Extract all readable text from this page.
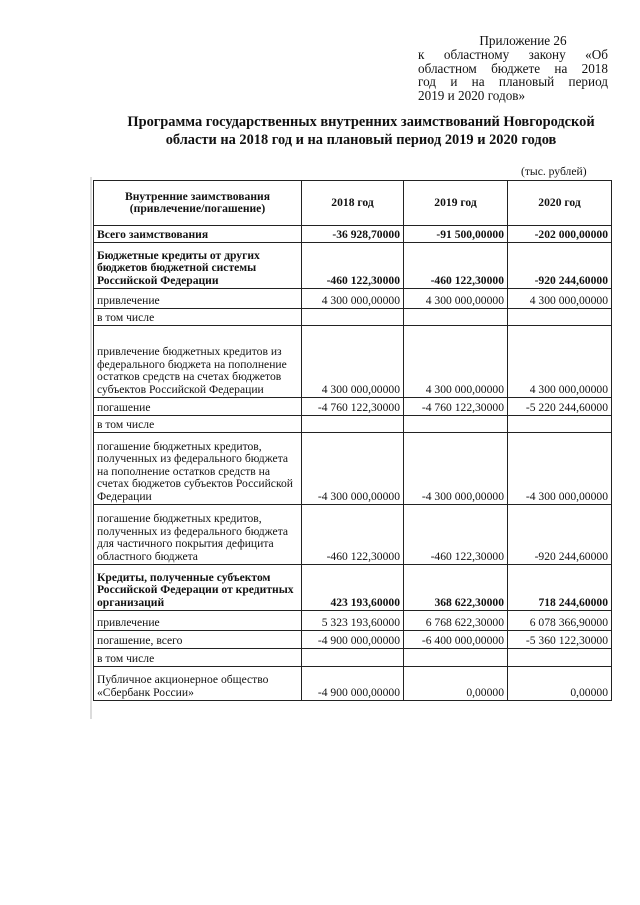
Приложение 26
к областному закону «Об
областном бюджете на 2018
год и на плановый период
2019 и 2020 годов»
Программа государственных внутренних заимствований Новгородской
области на 2018 год и на плановый период 2019 и 2020 годов
(тыс. рублей)
Внутренние заимствования (привлечение/погашение)	2018 год	2019 год	2020 год
Всего заимствования	-36 928,70000	-91 500,00000	-202 000,00000
Бюджетные кредиты от других бюджетов бюджетной системы Российской Федерации	-460 122,30000	-460 122,30000	-920 244,60000
привлечение	4 300 000,00000	4 300 000,00000	4 300 000,00000
в том числе			
привлечение бюджетных кредитов из федерального бюджета на пополнение остатков средств на счетах бюджетов субъектов Российской Федерации	4 300 000,00000	4 300 000,00000	4 300 000,00000
погашение	-4 760 122,30000	-4 760 122,30000	-5 220 244,60000
в том числе			
погашение бюджетных кредитов, полученных из федерального бюджета на пополнение остатков средств на счетах бюджетов субъектов Российской Федерации	-4 300 000,00000	-4 300 000,00000	-4 300 000,00000
погашение бюджетных кредитов, полученных из федерального бюджета для частичного покрытия дефицита областного бюджета	-460 122,30000	-460 122,30000	-920 244,60000
Кредиты, полученные субъектом Российской Федерации от кредитных организаций	423 193,60000	368 622,30000	718 244,60000
привлечение	5 323 193,60000	6 768 622,30000	6 078 366,90000
погашение, всего	-4 900 000,00000	-6 400 000,00000	-5 360 122,30000
в том числе			
Публичное акционерное общество «Сбербанк России»	-4 900 000,00000	0,00000	0,00000
